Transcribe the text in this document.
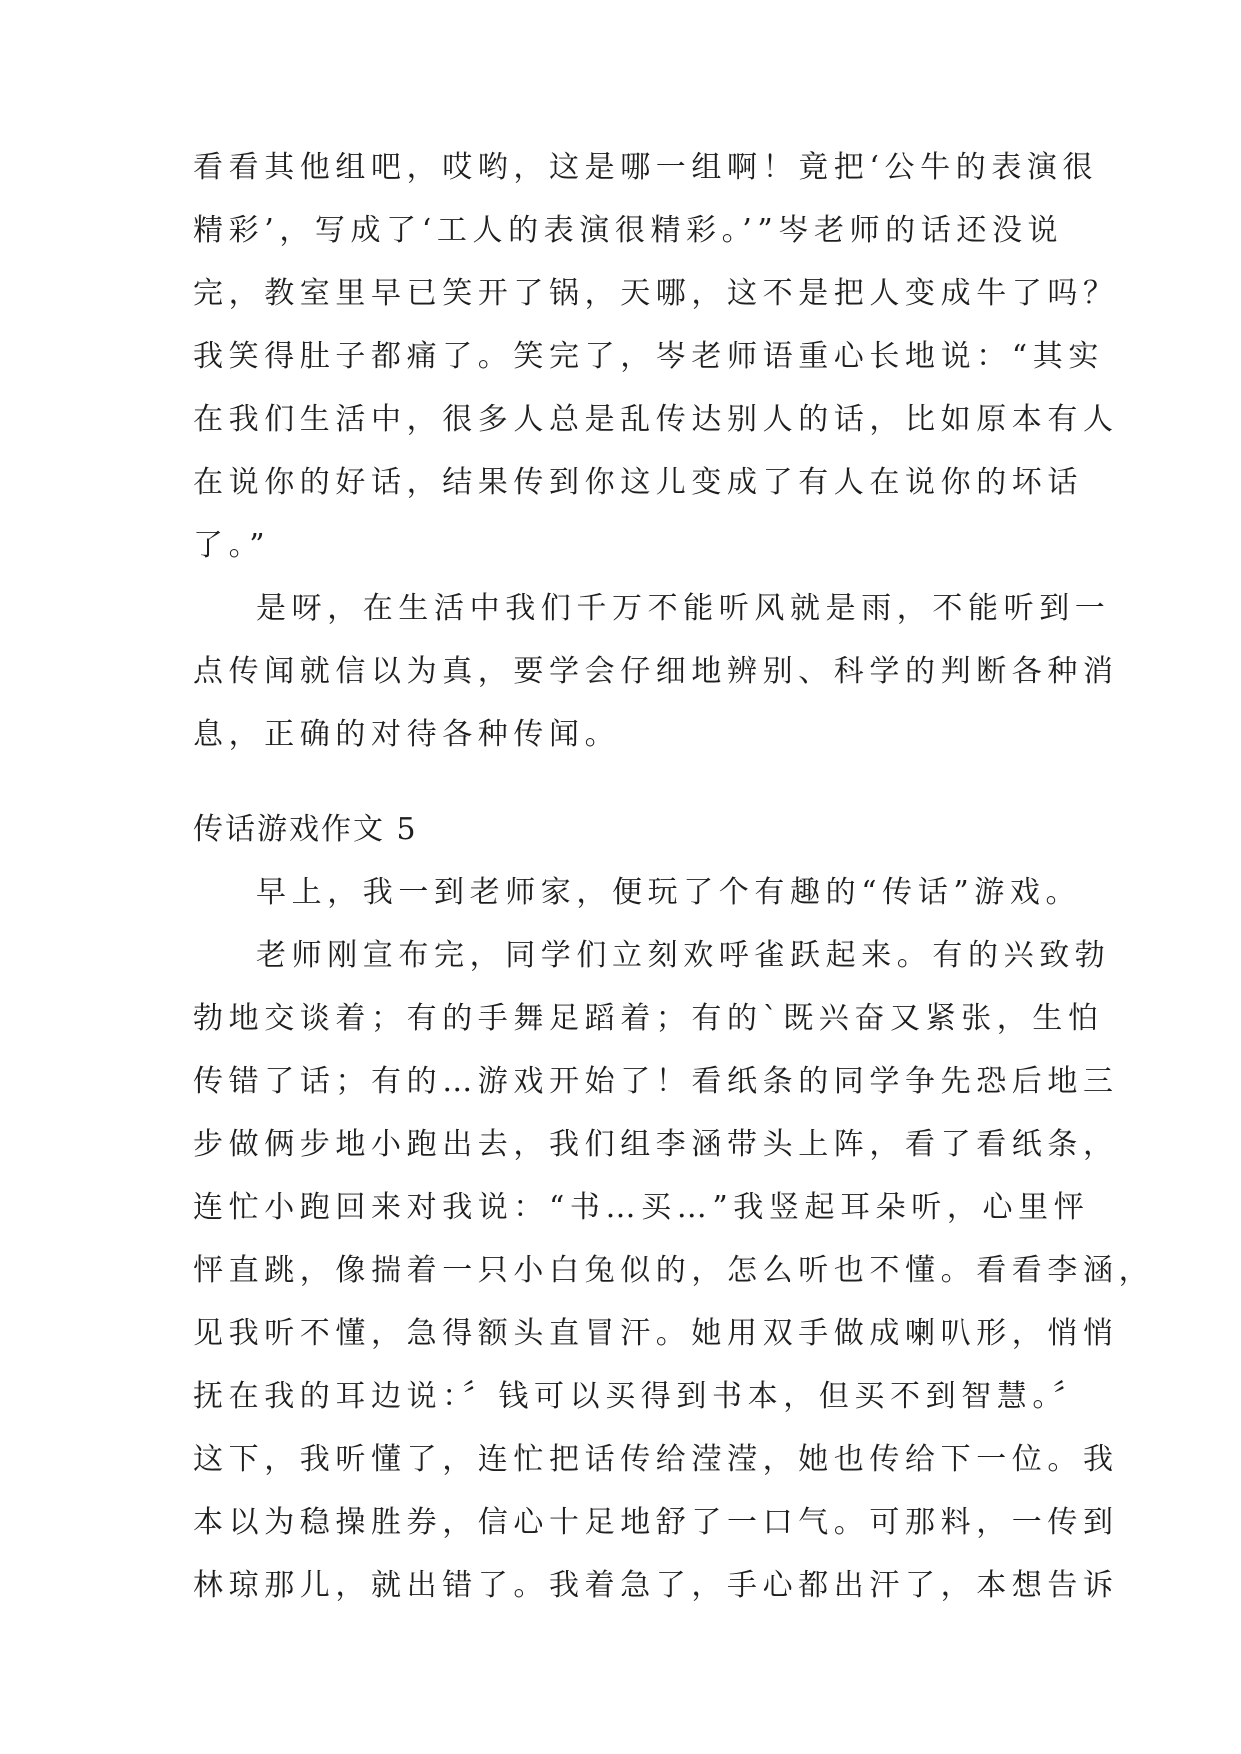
看看其他组吧，哎哟，这是哪一组啊！竟把‘公牛的表演很
精彩’，写成了‘工人的表演很精彩。’”岑老师的话还没说
完，教室里早已笑开了锅，天哪，这不是把人变成牛了吗？
我笑得肚子都痛了。笑完了，岑老师语重心长地说：“其实
在我们生活中，很多人总是乱传达别人的话，比如原本有人
在说你的好话，结果传到你这儿变成了有人在说你的坏话
了。”
是呀，在生活中我们千万不能听风就是雨，不能听到一
点传闻就信以为真，要学会仔细地辨别、科学的判断各种消
息，正确的对待各种传闻。
传话游戏作文 5
早上，我一到老师家，便玩了个有趣的“传话”游戏。
老师刚宣布完，同学们立刻欢呼雀跃起来。有的兴致勃
勃地交谈着；有的手舞足蹈着；有的`既兴奋又紧张，生怕
传错了话；有的…游戏开始了！看纸条的同学争先恐后地三
步做俩步地小跑出去，我们组李涵带头上阵，看了看纸条，
连忙小跑回来对我说：“书…买…”我竖起耳朵听，心里怦
怦直跳，像揣着一只小白兔似的，怎么听也不懂。看看李涵，
见我听不懂，急得额头直冒汗。她用双手做成喇叭形，悄悄
抚在我的耳边说：〞钱可以买得到书本，但买不到智慧。〞
这下，我听懂了，连忙把话传给滢滢，她也传给下一位。我
本以为稳操胜券，信心十足地舒了一口气。可那料，一传到
林琼那儿，就出错了。我着急了，手心都出汗了，本想告诉
